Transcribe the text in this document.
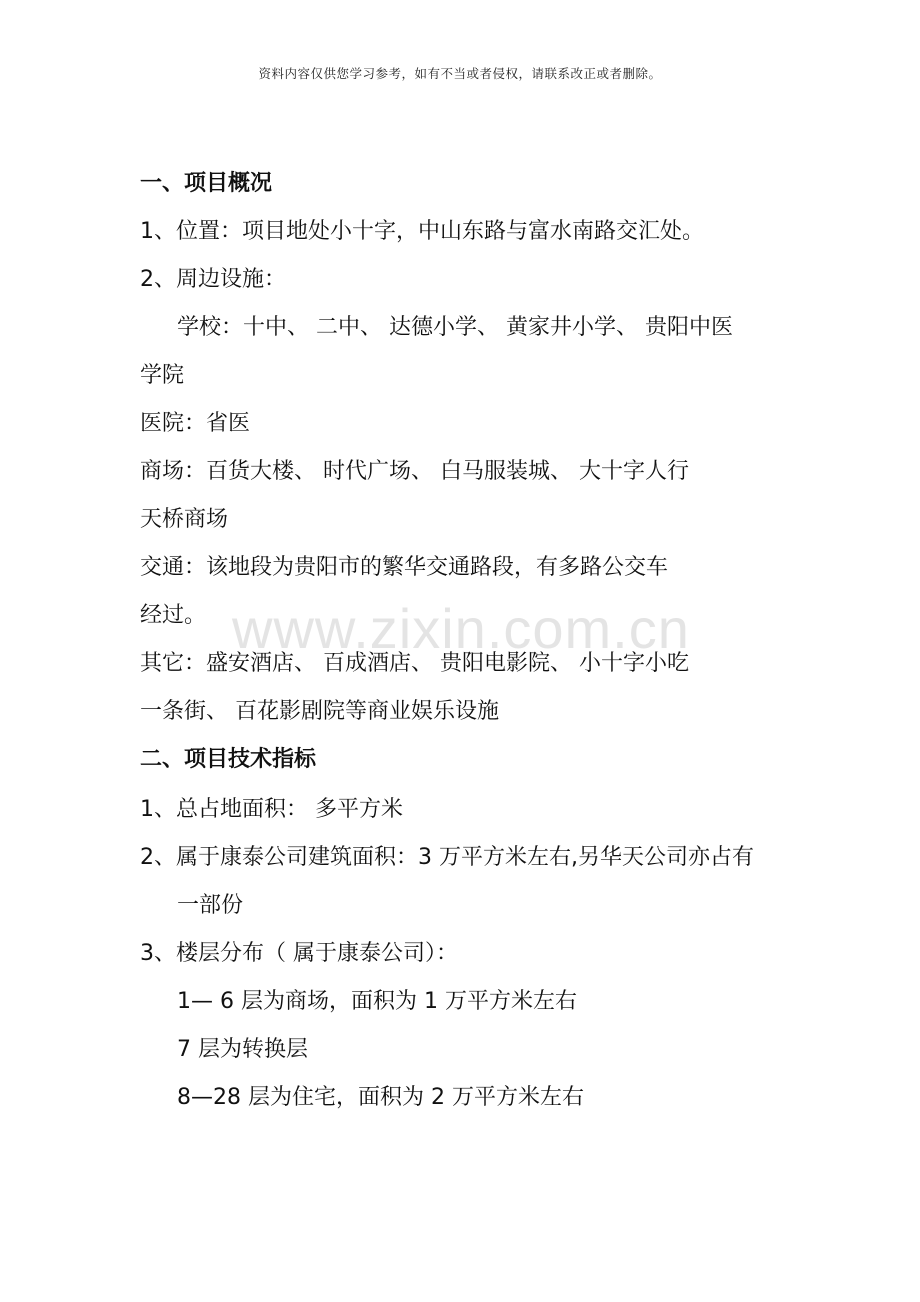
资料内容仅供您学习参考，如有不当或者侵权，请联系改正或者删除。
www.zixin.com.cn
一、项目概况
1、位置：项目地处小十字，中山东路与富水南路交汇处。
2、周边设施：
学校：十中、 二中、 达德小学、 黄家井小学、 贵阳中医
学院
医院：省医
商场：百货大楼、 时代广场、 白马服装城、 大十字人行
天桥商场
交通：该地段为贵阳市的繁华交通路段，有多路公交车
经过。
其它：盛安酒店、 百成酒店、 贵阳电影院、 小十字小吃
一条街、 百花影剧院等商业娱乐设施
二、项目技术指标
1、总占地面积： 多平方米
2、属于康泰公司建筑面积：3 万平方米左右,另华天公司亦占有
一部份
3、楼层分布（ 属于康泰公司）：
1— 6 层为商场，面积为 1 万平方米左右
7 层为转换层
8—28 层为住宅，面积为 2 万平方米左右
